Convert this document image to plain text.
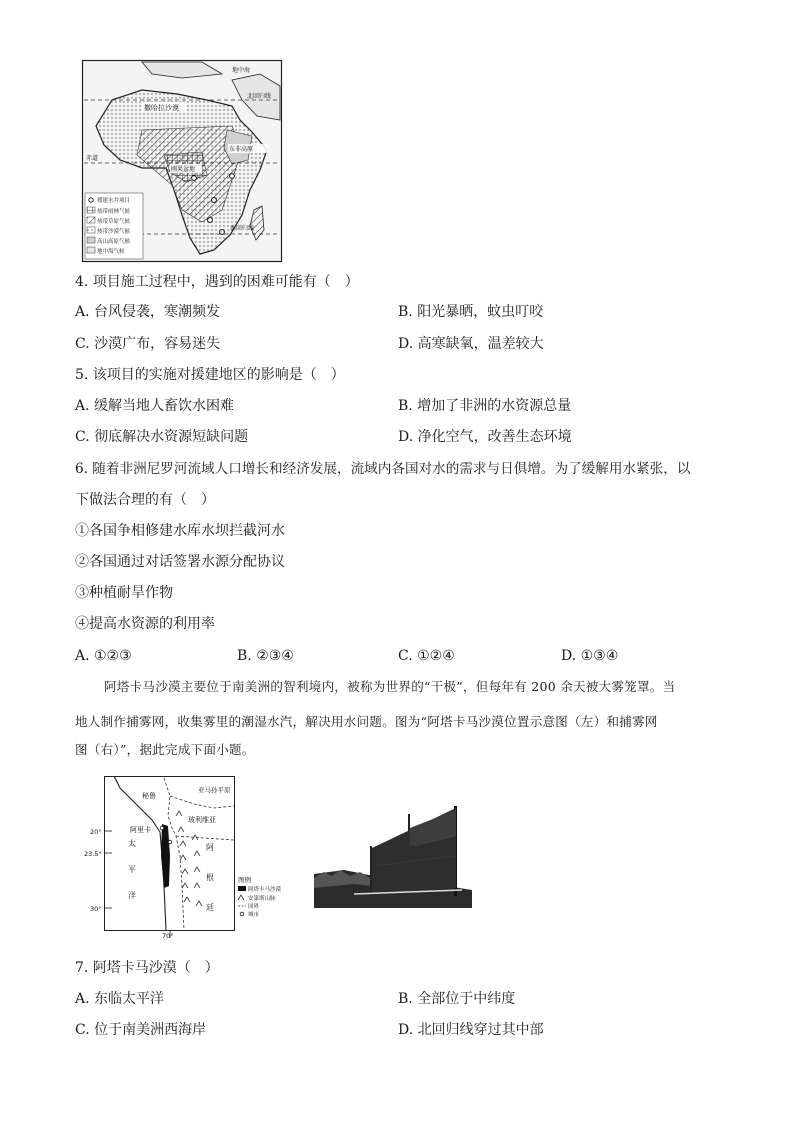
撒哈拉沙漠
地中海
北回归线
赤道
东非高原
刚果盆地
南回归线
援建水井项目
热带雨林气候
热带草原气候
热带沙漠气候
高山高原气候
地中海气候
4. 项目施工过程中，遇到的困难可能有（　）
A. 台风侵袭，寒潮频发	B. 阳光暴晒，蚊虫叮咬
C. 沙漠广布，容易迷失	D. 高寒缺氧，温差较大
5. 该项目的实施对援建地区的影响是（　）
A. 缓解当地人畜饮水困难	B. 增加了非洲的水资源总量
C. 彻底解决水资源短缺问题	D. 净化空气，改善生态环境
6. 随着非洲尼罗河流域人口增长和经济发展，流域内各国对水的需求与日俱增。为了缓解用水紧张，以
下做法合理的有（　）
①各国争相修建水库水坝拦截河水
②各国通过对话签署水源分配协议
③种植耐旱作物
④提高水资源的利用率
A. ①②③	B. ②③④	C. ①②④	D. ①③④
阿塔卡马沙漠主要位于南美洲的智利境内，被称为世界的“干极”，但每年有 200 余天被大雾笼罩。当
地人制作捕雾网，收集雾里的潮湿水汽，解决用水问题。图为“阿塔卡马沙漠位置示意图（左）和捕雾网
图（右）”，据此完成下面小题。
秘鲁
玻利维亚
亚马孙平原
阿里卡
太
平
洋
阿
根
廷
20°
23.5°
30°
70°
图例
阿塔卡马沙漠
安第斯山脉
国界
城市
7. 阿塔卡马沙漠（　）
A. 东临太平洋	B. 全部位于中纬度
C. 位于南美洲西海岸	D. 北回归线穿过其中部
